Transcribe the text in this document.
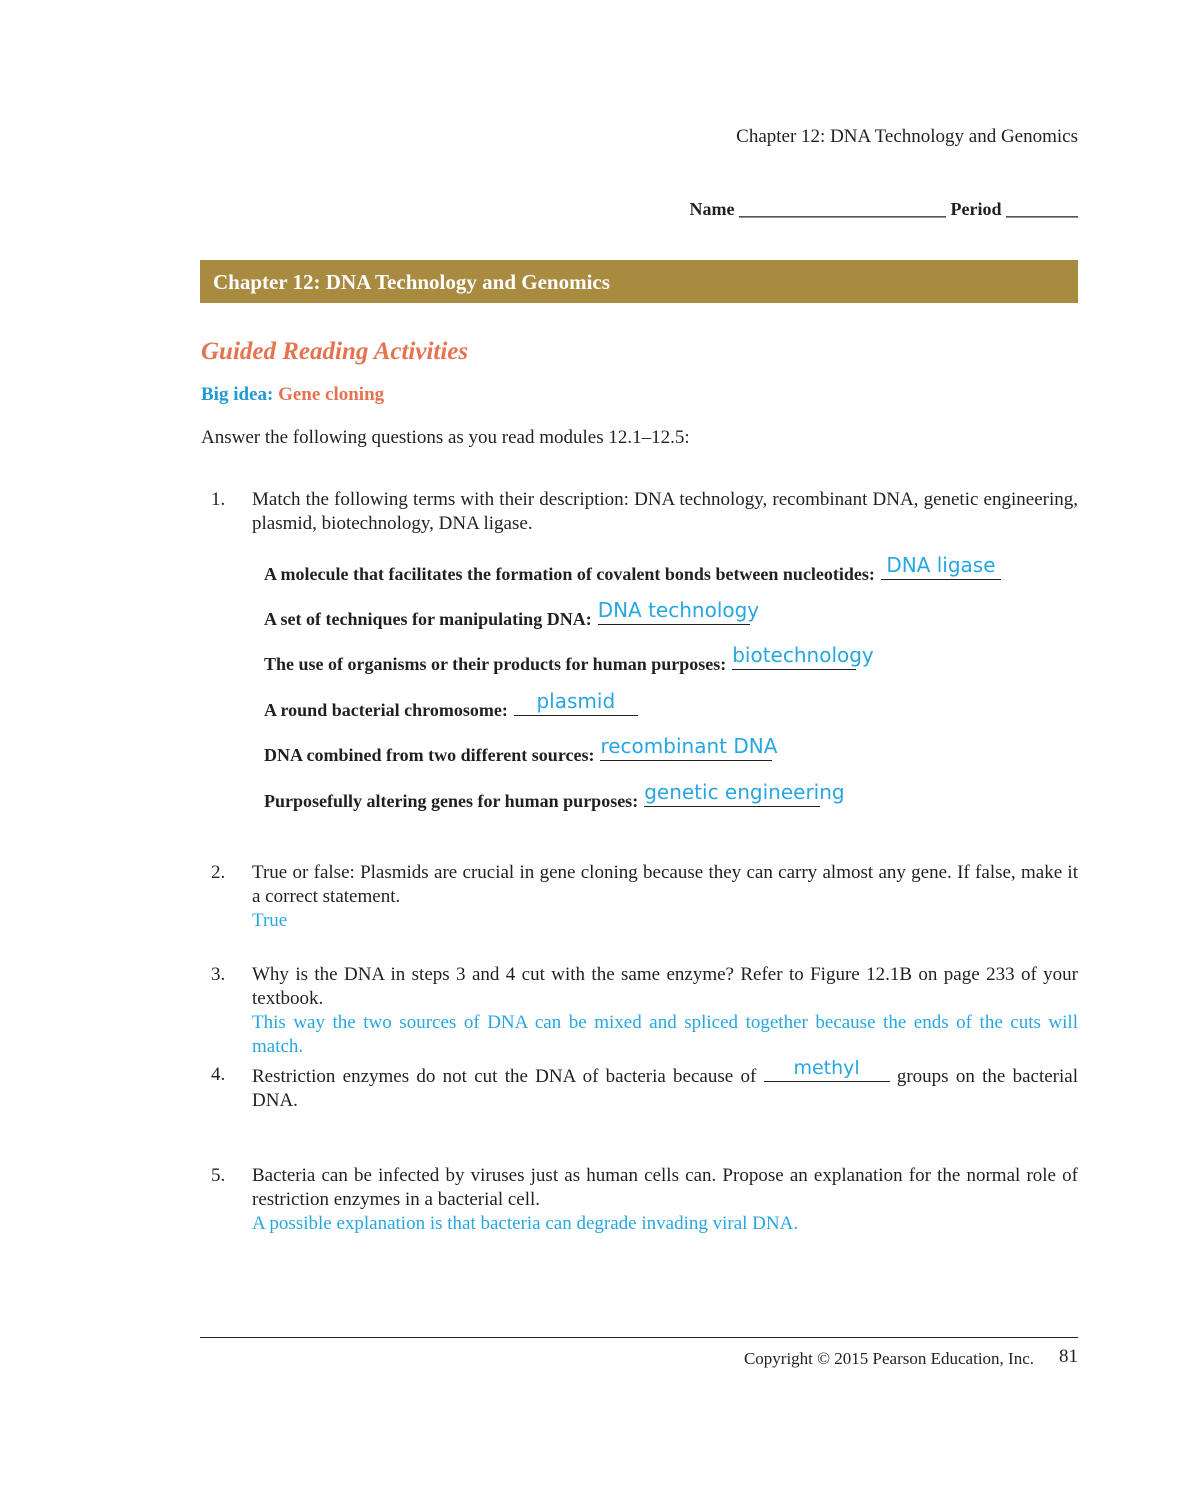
Chapter 12: DNA Technology and Genomics
Name _______________________ Period ________
Chapter 12: DNA Technology and Genomics
Guided Reading Activities
Big idea: Gene cloning
Answer the following questions as you read modules 12.1–12.5:
1. Match the following terms with their description: DNA technology, recombinant DNA, genetic engineering, plasmid, biotechnology, DNA ligase.
A molecule that facilitates the formation of covalent bonds between nucleotides: DNA ligase
A set of techniques for manipulating DNA: DNA technology
The use of organisms or their products for human purposes: biotechnology
A round bacterial chromosome:	plasmid
DNA combined from two different sources: recombinant DNA
Purposefully altering genes for human purposes: genetic engineering
2. True or false: Plasmids are crucial in gene cloning because they can carry almost any gene. If false, make it a correct statement.
True
3. Why is the DNA in steps 3 and 4 cut with the same enzyme? Refer to Figure 12.1B on page 233 of your textbook.
This way the two sources of DNA can be mixed and spliced together because the ends of the cuts will match.
4. Restriction enzymes do not cut the DNA of bacteria because of	methyl	groups on the bacterial DNA.
5. Bacteria can be infected by viruses just as human cells can. Propose an explanation for the normal role of restriction enzymes in a bacterial cell.
A possible explanation is that bacteria can degrade invading viral DNA.
Copyright © 2015 Pearson Education, Inc. 81
